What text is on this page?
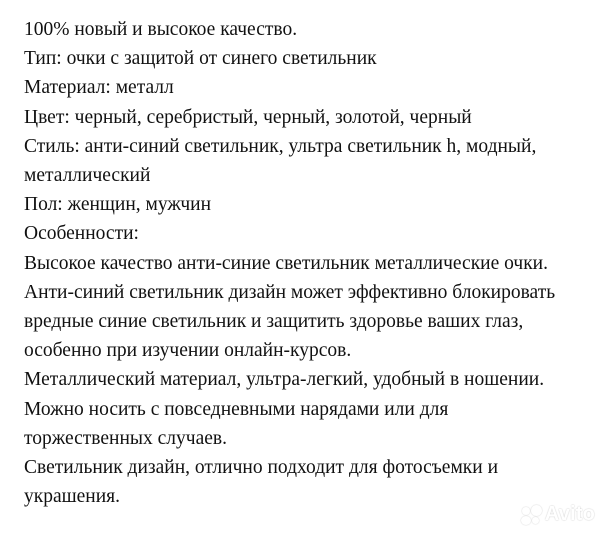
100% новый и высокое качество.
Тип: очки с защитой от синего светильник
Материал: металл
Цвет: черный, серебристый, черный, золотой, черный
Стиль: анти-синий светильник, ультра светильник h, модный,
металлический
Пол: женщин, мужчин
Особенности:
Высокое качество анти-синие светильник металлические очки.
Анти-синий светильник дизайн может эффективно блокировать
вредные синие светильник и защитить здоровье ваших глаз,
особенно при изучении онлайн-курсов.
Металлический материал, ультра-легкий, удобный в ношении.
Можно носить с повседневными нарядами или для
торжественных случаев.
Светильник дизайн, отлично подходит для фотосъемки и
украшения.
Avito
